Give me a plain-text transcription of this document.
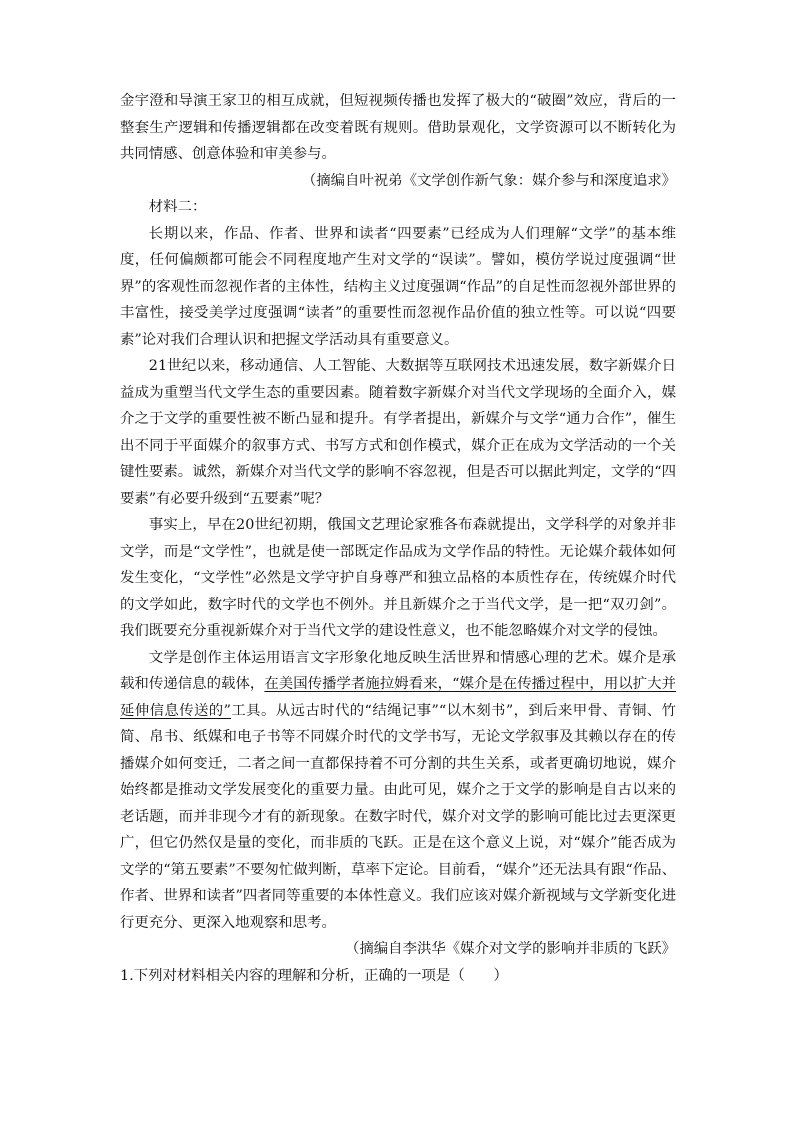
金宇澄和导演王家卫的相互成就，但短视频传播也发挥了极大的“破圈”效应，背后的一整套生产逻辑和传播逻辑都在改变着既有规则。借助景观化，文学资源可以不断转化为共同情感、创意体验和审美参与。

（摘编自叶祝弟《文学创作新气象：媒介参与和深度追求》

材料二：

长期以来，作品、作者、世界和读者“四要素”已经成为人们理解“文学”的基本维度，任何偏颇都可能会不同程度地产生对文学的“误读”。譬如，模仿学说过度强调“世界”的客观性而忽视作者的主体性，结构主义过度强调“作品”的自足性而忽视外部世界的丰富性，接受美学过度强调“读者”的重要性而忽视作品价值的独立性等。可以说“四要素”论对我们合理认识和把握文学活动具有重要意义。

21世纪以来，移动通信、人工智能、大数据等互联网技术迅速发展，数字新媒介日益成为重塑当代文学生态的重要因素。随着数字新媒介对当代文学现场的全面介入，媒介之于文学的重要性被不断凸显和提升。有学者提出，新媒介与文学“通力合作”，催生出不同于平面媒介的叙事方式、书写方式和创作模式，媒介正在成为文学活动的一个关键性要素。诚然，新媒介对当代文学的影响不容忽视，但是否可以据此判定，文学的“四要素”有必要升级到“五要素”呢？

事实上，早在20世纪初期，俄国文艺理论家雅各布森就提出，文学科学的对象并非文学，而是“文学性”，也就是使一部既定作品成为文学作品的特性。无论媒介载体如何发生变化，“文学性”必然是文学守护自身尊严和独立品格的本质性存在，传统媒介时代的文学如此，数字时代的文学也不例外。并且新媒介之于当代文学，是一把“双刃剑”。我们既要充分重视新媒介对于当代文学的建设性意义，也不能忽略媒介对文学的侵蚀。

文学是创作主体运用语言文字形象化地反映生活世界和情感心理的艺术。媒介是承载和传递信息的载体，在美国传播学者施拉姆看来，“媒介是在传播过程中，用以扩大并延伸信息传送的”工具。从远古时代的“结绳记事”“以木刻书”，到后来甲骨、青铜、竹简、帛书、纸媒和电子书等不同媒介时代的文学书写，无论文学叙事及其赖以存在的传播媒介如何变迁，二者之间一直都保持着不可分割的共生关系，或者更确切地说，媒介始终都是推动文学发展变化的重要力量。由此可见，媒介之于文学的影响是自古以来的老话题，而并非现今才有的新现象。在数字时代，媒介对文学的影响可能比过去更深更广，但它仍然仅是量的变化，而非质的飞跃。正是在这个意义上说，对“媒介”能否成为文学的“第五要素”不要匆忙做判断，草率下定论。目前看，“媒介”还无法具有跟“作品、作者、世界和读者”四者同等重要的本体性意义。我们应该对媒介新视域与文学新变化进行更充分、更深入地观察和思考。

（摘编自李洪华《媒介对文学的影响并非质的飞跃》

1.下列对材料相关内容的理解和分析，正确的一项是（　　）
